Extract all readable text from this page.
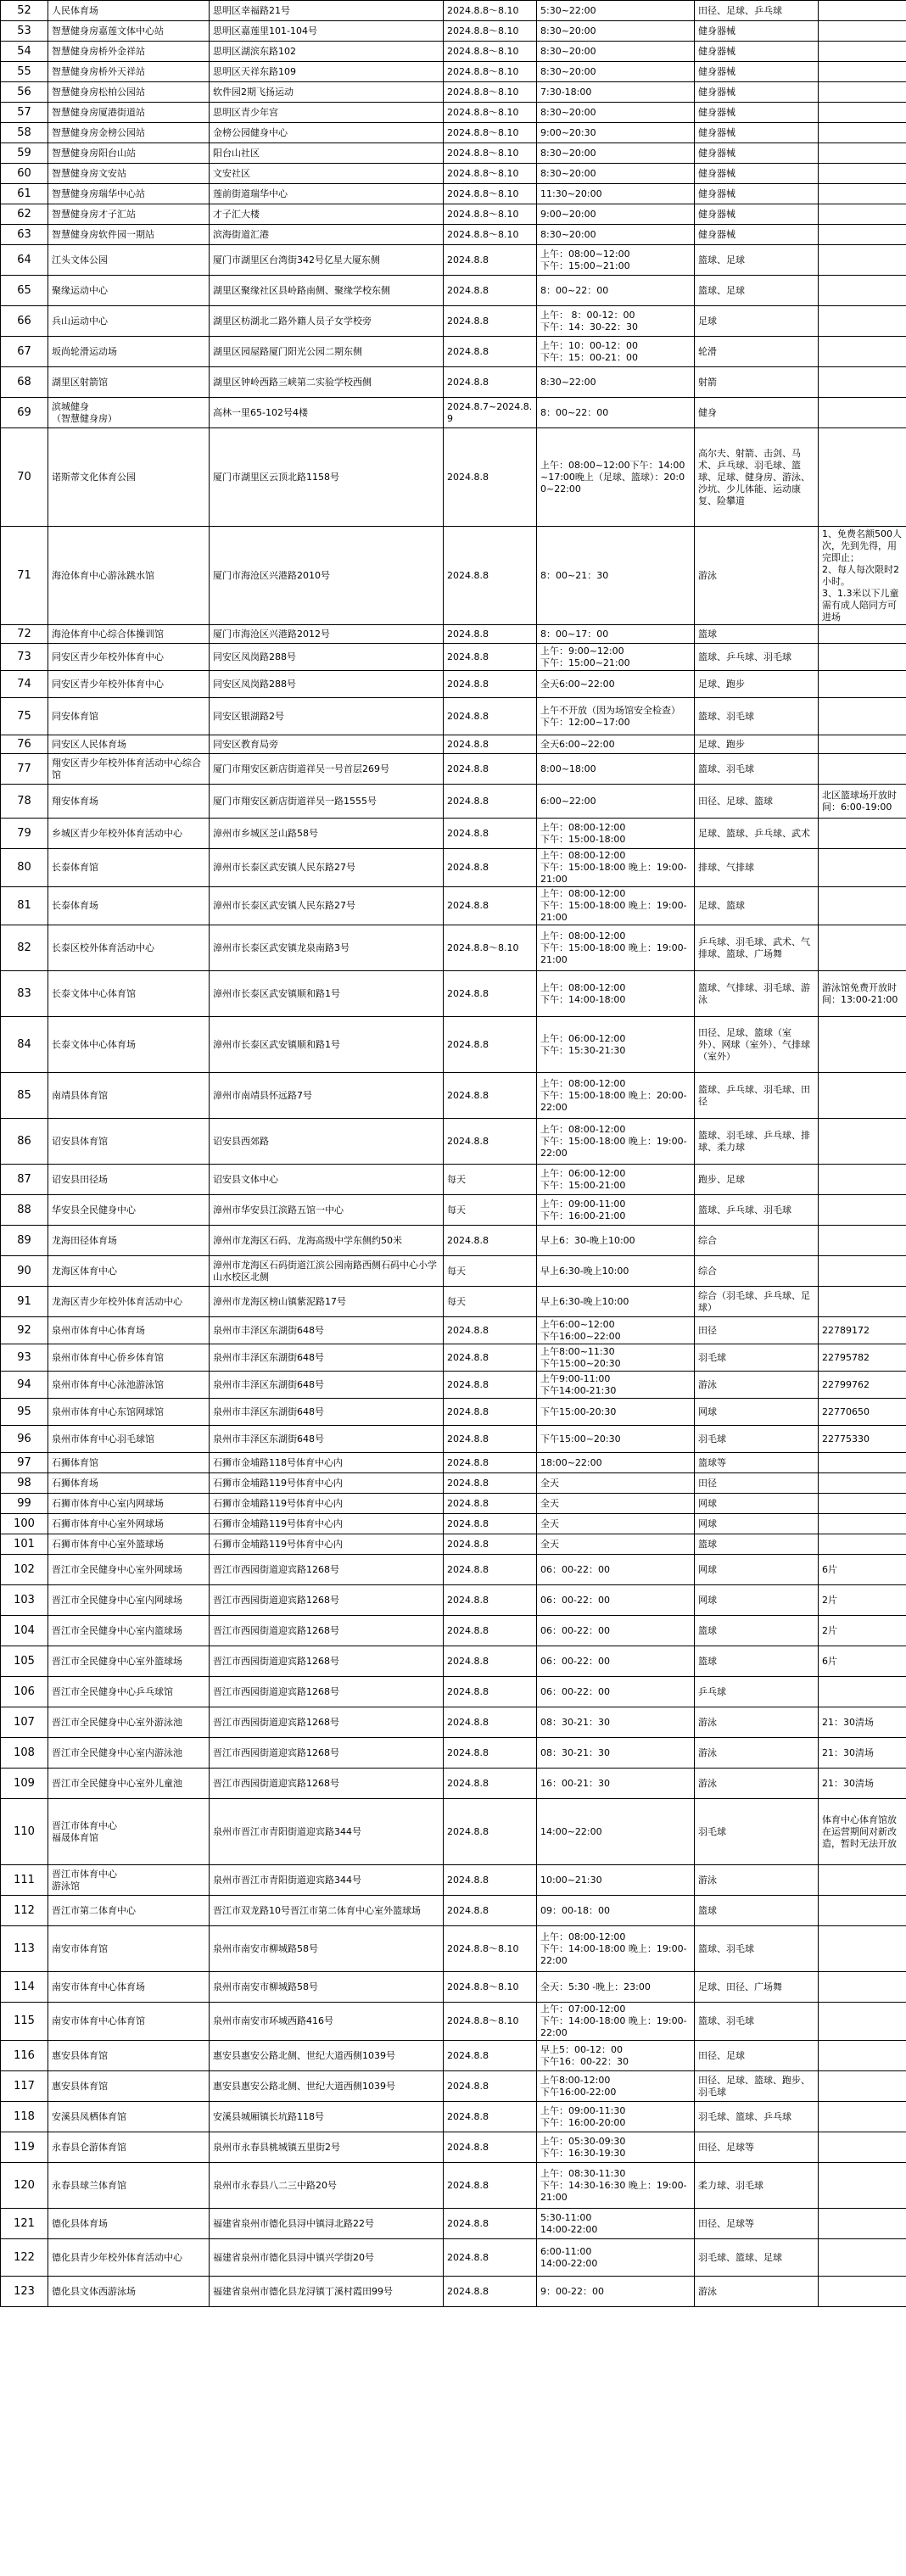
52	人民体育场	思明区幸福路21号	2024.8.8～8.10	5:30~22:00	田径、足球、乒乓球	
53	智慧健身房嘉莲文体中心站	思明区嘉莲里101-104号	2024.8.8～8.10	8:30~20:00	健身器械	
54	智慧健身房桥外金祥站	思明区湖滨东路102	2024.8.8～8.10	8:30~20:00	健身器械	
55	智慧健身房桥外天祥站	思明区天祥东路109	2024.8.8～8.10	8:30~20:00	健身器械	
56	智慧健身房松柏公园站	软件园2期飞扬运动	2024.8.8～8.10	7:30-18:00	健身器械	
57	智慧健身房厦港街道站	思明区青少年宫	2024.8.8～8.10	8:30~20:00	健身器械	
58	智慧健身房金榜公园站	金榜公园健身中心	2024.8.8～8.10	9:00~20:30	健身器械	
59	智慧健身房阳台山站	阳台山社区	2024.8.8～8.10	8:30~20:00	健身器械	
60	智慧健身房文安站	文安社区	2024.8.8～8.10	8:30~20:00	健身器械	
61	智慧健身房瑞华中心站	莲前街道瑞华中心	2024.8.8～8.10	11:30~20:00	健身器械	
62	智慧健身房才子汇站	才子汇大楼	2024.8.8～8.10	9:00~20:00	健身器械	
63	智慧健身房软件园一期站	滨海街道汇港	2024.8.8～8.10	8:30~20:00	健身器械	
64	江头文体公园	厦门市湖里区台湾街342号亿星大厦东侧	2024.8.8	上午：08:00~12:00
下午：15:00~21:00	篮球、足球	
65	聚缘运动中心	湖里区聚缘社区县岭路南侧、聚缘学校东侧	2024.8.8	8：00~22：00	篮球、足球	
66	兵山运动中心	湖里区枋湖北二路外籍人员子女学校旁	2024.8.8	上午： 8：00-12：00
下午：14：30-22：30	足球	
67	坂尚轮滑运动场	湖里区园屋路厦门阳光公园二期东侧	2024.8.8	上午：10：00-12：00
下午：15：00-21：00	轮滑	
68	湖里区射箭馆	湖里区钟岭西路三峡第二实验学校西侧	2024.8.8	8:30~22:00	射箭	
69	滨城健身
（智慧健身房）	高林一里65-102号4楼	2024.8.7~2024.8.9	8：00~22：00	健身	
70	诺斯蒂文化体育公园	厦门市湖里区云顶北路1158号	2024.8.8	上午：08:00~12:00下午：14:00~17:00晚上（足球、篮球）：20:00~22:00	高尔夫、射箭、击剑、马术、乒乓球、羽毛球、篮球、足球、健身房、游泳、沙坑、少儿体能、运动康复、险攀道	
71	海沧体育中心游泳跳水馆	厦门市海沧区兴港路2010号	2024.8.8	8：00~21：30	游泳	1、免费名额500人次，先到先得，用完即止；
2、每人每次限时2小时。
3、1.3米以下儿童需有成人陪同方可进场
72	海沧体育中心综合体操训馆	厦门市海沧区兴港路2012号	2024.8.8	8：00~17：00	篮球	
73	同安区青少年校外体育中心	同安区凤岗路288号	2024.8.8	上午：9:00~12:00
下午：15:00~21:00	篮球、乒乓球、羽毛球	
74	同安区青少年校外体育中心	同安区凤岗路288号	2024.8.8	全天6:00~22:00	足球、跑步	
75	同安体育馆	同安区银湖路2号	2024.8.8	上午不开放（因为场馆安全检查） 下午：12:00~17:00	篮球、羽毛球	
76	同安区人民体育场	同安区教育局旁	2024.8.8	全天6:00~22:00	足球、跑步	
77	翔安区青少年校外体育活动中心综合馆	厦门市翔安区新店街道祥吴一号首层269号	2024.8.8	8:00~18:00	篮球、羽毛球	
78	翔安体育场	厦门市翔安区新店街道祥吴一路1555号	2024.8.8	6:00~22:00	田径、足球、篮球	北区篮球场开放时间：6:00-19:00
79	乡城区青少年校外体育活动中心	漳州市乡城区芝山路58号	2024.8.8	上午：08:00-12:00
下午：15:00-18:00	足球、篮球、乒乓球、武术	
80	长泰体育馆	漳州市长泰区武安镇人民东路27号	2024.8.8	上午：08:00-12:00
下午：15:00-18:00 晚上：19:00-21:00	排球、气排球	
81	长泰体育场	漳州市长泰区武安镇人民东路27号	2024.8.8	上午：08:00-12:00
下午：15:00-18:00 晚上：19:00-21:00	足球、篮球	
82	长泰区校外体育活动中心	漳州市长泰区武安镇龙泉南路3号	2024.8.8～8.10	上午：08:00-12:00
下午：15:00-18:00 晚上：19:00-21:00	乒乓球、羽毛球、武术、气排球、篮球、广场舞	
83	长泰文体中心体育馆	漳州市长泰区武安镇顺和路1号	2024.8.8	上午：08:00-12:00
下午：14:00-18:00	篮球、气排球、羽毛球、游泳	游泳馆免费开放时间：13:00-21:00
84	长泰文体中心体育场	漳州市长泰区武安镇顺和路1号	2024.8.8	上午：06:00-12:00
下午：15:30-21:30	田径、足球、篮球（室外）、网球（室外）、气排球（室外）	
85	南靖县体育馆	漳州市南靖县怀远路7号	2024.8.8	上午：08:00-12:00
下午：15:00-18:00 晚上：20:00-22:00	篮球、乒乓球、羽毛球、田径	
86	诏安县体育馆	诏安县西郊路	2024.8.8	上午：08:00-12:00
下午：15:00-18:00 晚上：19:00-22:00	篮球、羽毛球、乒乓球、排球、柔力球	
87	诏安县田径场	诏安县文体中心	每天	上午：06:00-12:00
下午：15:00-21:00	跑步、足球	
88	华安县全民健身中心	漳州市华安县江滨路五馆一中心	每天	上午：09:00-11:00
下午：16:00-21:00	篮球、乒乓球、羽毛球	
89	龙海田径体育场	漳州市龙海区石码、龙海高级中学东侧约50米	2024.8.8	早上6：30-晚上10:00	综合	
90	龙海区体育中心	漳州市龙海区石码街道江滨公园南路西侧石码中心小学山水校区北侧	每天	早上6:30-晚上10:00	综合	
91	龙海区青少年校外体育活动中心	漳州市龙海区榜山镇紫泥路17号	每天	早上6:30-晚上10:00	综合（羽毛球、乒乓球、足球）	
92	泉州市体育中心体育场	泉州市丰泽区东湖街648号	2024.8.8	上午6:00~12:00
下午16:00~22:00	田径	22789172
93	泉州市体育中心侨乡体育馆	泉州市丰泽区东湖街648号	2024.8.8	上午8:00~11:30
下午15:00~20:30	羽毛球	22795782
94	泉州市体育中心泳池游泳馆	泉州市丰泽区东湖街648号	2024.8.8	上午9:00-11:00
下午14:00-21:30	游泳	22799762
95	泉州市体育中心东馆网球馆	泉州市丰泽区东湖街648号	2024.8.8	下午15:00-20:30	网球	22770650
96	泉州市体育中心羽毛球馆	泉州市丰泽区东湖街648号	2024.8.8	下午15:00~20:30	羽毛球	22775330
97	石狮体育馆	石狮市金埔路118号体育中心内	2024.8.8	18:00~22:00	篮球等	
98	石狮体育场	石狮市金埔路119号体育中心内	2024.8.8	全天	田径	
99	石狮市体育中心室内网球场	石狮市金埔路119号体育中心内	2024.8.8	全天	网球	
100	石狮市体育中心室外网球场	石狮市金埔路119号体育中心内	2024.8.8	全天	网球	
101	石狮市体育中心室外篮球场	石狮市金埔路119号体育中心内	2024.8.8	全天	篮球	
102	晋江市全民健身中心室外网球场	晋江市西园街道迎宾路1268号	2024.8.8	06：00-22：00	网球	6片
103	晋江市全民健身中心室内网球场	晋江市西园街道迎宾路1268号	2024.8.8	06：00-22：00	网球	2片
104	晋江市全民健身中心室内篮球场	晋江市西园街道迎宾路1268号	2024.8.8	06：00-22：00	篮球	2片
105	晋江市全民健身中心室外篮球场	晋江市西园街道迎宾路1268号	2024.8.8	06：00-22：00	篮球	6片
106	晋江市全民健身中心乒乓球馆	晋江市西园街道迎宾路1268号	2024.8.8	06：00-22：00	乒乓球	
107	晋江市全民健身中心室外游泳池	晋江市西园街道迎宾路1268号	2024.8.8	08：30-21：30	游泳	21：30清场
108	晋江市全民健身中心室内游泳池	晋江市西园街道迎宾路1268号	2024.8.8	08：30-21：30	游泳	21：30清场
109	晋江市全民健身中心室外儿童池	晋江市西园街道迎宾路1268号	2024.8.8	16：00-21：30	游泳	21：30清场
110	晋江市体育中心
福晟体育馆	泉州市晋江市青阳街道迎宾路344号	2024.8.8	14:00~22:00	羽毛球	体育中心体育馆放在运营期间对新改造，暂时无法开放
111	晋江市体育中心
游泳馆	泉州市晋江市青阳街道迎宾路344号	2024.8.8	10:00~21:30	游泳	
112	晋江市第二体育中心	晋江市双龙路10号晋江市第二体育中心室外篮球场	2024.8.8	09：00-18：00	篮球	
113	南安市体育馆	泉州市南安市柳城路58号	2024.8.8～8.10	上午：08:00-12:00
下午：14:00-18:00 晚上：19:00-22:00	篮球、羽毛球	
114	南安市体育中心体育场	泉州市南安市柳城路58号	2024.8.8～8.10	全天：5:30 -晚上：23:00	足球、田径、广场舞	
115	南安市体育中心体育馆	泉州市南安市环城西路416号	2024.8.8～8.10	上午：07:00-12:00
下午：14:00-18:00 晚上：19:00-22:00	篮球、羽毛球	
116	惠安县体育馆	惠安县惠安公路北侧、世纪大道西侧1039号	2024.8.8	早上5：00-12：00
下午16：00-22：30	田径、足球	
117	惠安县体育馆	惠安县惠安公路北侧、世纪大道西侧1039号	2024.8.8	上午8:00-12:00
下午16:00-22:00	田径、足球、篮球、跑步、羽毛球	
118	安溪县凤栖体育馆	安溪县城厢镇长坑路118号	2024.8.8	上午：09:00-11:30
下午：16:00-20:00	羽毛球、篮球、乒乓球	
119	永春县仑游体育馆	泉州市永春县桃城镇五里街2号	2024.8.8	上午：05:30-09:30
下午：16:30-19:30	田径、足球等	
120	永春县球兰体育馆	泉州市永春县八二三中路20号	2024.8.8	上午：08:30-11:30
下午：14:30-16:30 晚上：19:00-21:00	柔力球、羽毛球	
121	德化县体育场	福建省泉州市德化县浔中镇浔北路22号	2024.8.8	5:30-11:00
14:00-22:00	田径、足球等	
122	德化县青少年校外体育活动中心	福建省泉州市德化县浔中镇兴学街20号	2024.8.8	6:00-11:00
14:00-22:00	羽毛球、篮球、足球	
123	德化县文体西游泳场	福建省泉州市德化县龙浔镇丁溪村霞田99号	2024.8.8	9：00-22：00	游泳	
